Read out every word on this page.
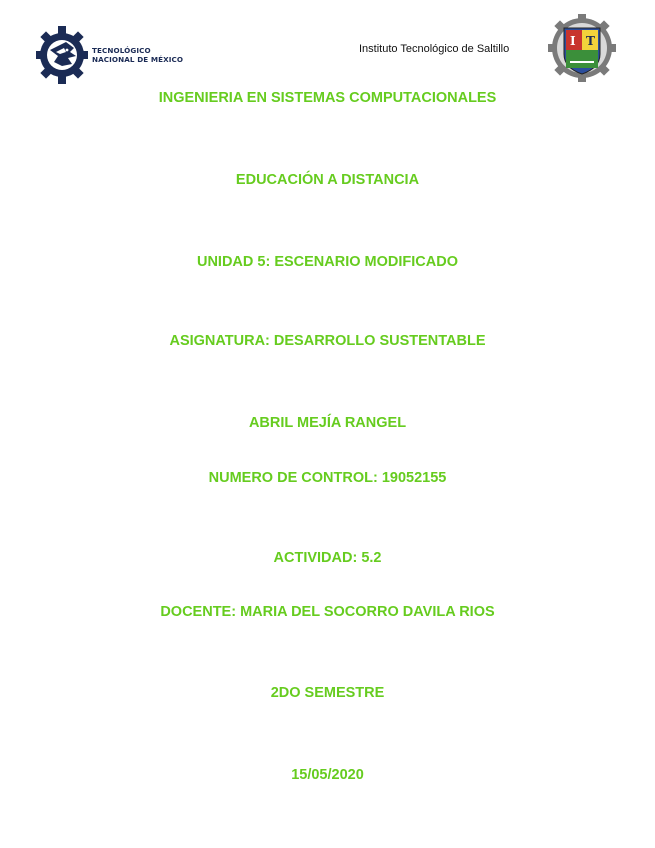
TECNOLÓGICO
NACIONAL DE MÉXICO
Instituto Tecnológico de Saltillo
I T
INGENIERIA EN SISTEMAS COMPUTACIONALES
EDUCACIÓN A DISTANCIA
UNIDAD 5: ESCENARIO MODIFICADO
ASIGNATURA: DESARROLLO SUSTENTABLE
ABRIL MEJÍA RANGEL
NUMERO DE CONTROL: 19052155
ACTIVIDAD: 5.2
DOCENTE: MARIA DEL SOCORRO DAVILA RIOS
2DO SEMESTRE
15/05/2020
